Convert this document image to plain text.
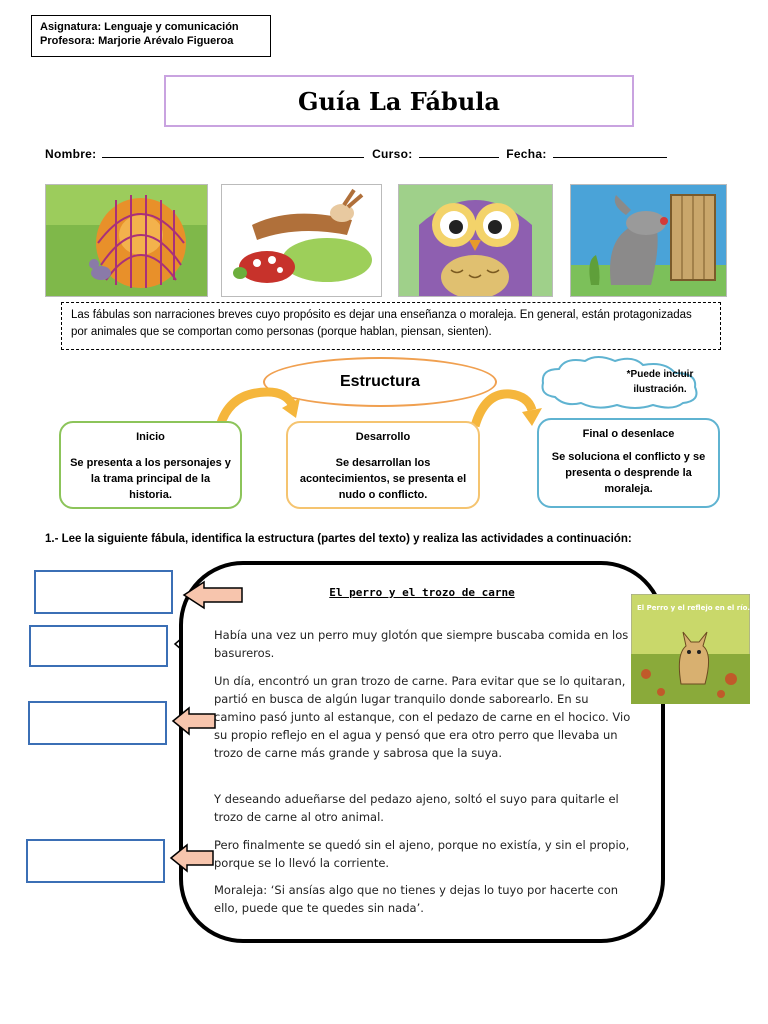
Asignatura: Lenguaje y comunicación
Profesora: Marjorie Arévalo Figueroa
Guía La Fábula
Nombre:	Curso:	Fecha:
Las fábulas son narraciones breves cuyo propósito es dejar una enseñanza o moraleja. En general, están protagonizadas por animales que se comportan como personas (porque hablan, piensan, sienten).
Estructura	*Puede incluir ilustración.
Inicio
Se presenta a los personajes y la trama principal de la historia.
Desarrollo
Se desarrollan los acontecimientos, se presenta el nudo o conflicto.
Final o desenlace
Se soluciona el conflicto y se presenta o desprende la moraleja.
1.- Lee la siguiente fábula, identifica la estructura (partes del texto) y realiza las actividades a continuación:
El perro y el trozo de carne
Había una vez un perro muy glotón que siempre buscaba comida en los basureros.
Un día, encontró un gran trozo de carne. Para evitar que se lo quitaran, partió en busca de algún lugar tranquilo donde saborearlo. En su camino pasó junto al estanque, con el pedazo de carne en el hocico. Vio su propio reflejo en el agua y pensó que era otro perro que llevaba un trozo de carne más grande y sabrosa que la suya.
Y deseando adueñarse del pedazo ajeno, soltó el suyo para quitarle el trozo de carne al otro animal.
Pero finalmente se quedó sin el ajeno, porque no existía, y sin el propio, porque se lo llevó la corriente.
Moraleja: ‘Si ansías algo que no tienes y dejas lo tuyo por hacerte con ello, puede que te quedes sin nada’.
El Perro y el reflejo en el río.
